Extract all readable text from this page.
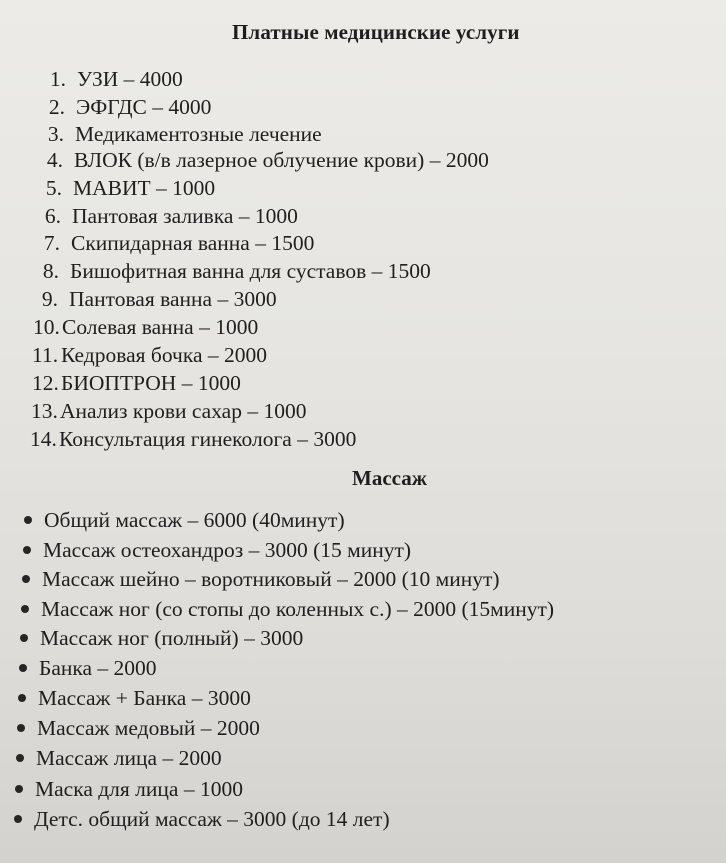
Платные медицинские услуги
1. УЗИ – 4000
2. ЭФГДС – 4000
3. Медикаментозные лечение
4. ВЛОК (в/в лазерное облучение крови) – 2000
5. МАВИТ – 1000
6. Пантовая заливка – 1000
7. Скипидарная ванна – 1500
8. Бишофитная ванна для суставов – 1500
9. Пантовая ванна – 3000
10.Солевая ванна – 1000
11. Кедровая бочка – 2000
12.БИОПТРОН – 1000
13.Анализ крови сахар – 1000
14.Консультация гинеколога – 3000
Массаж
Общий массаж – 6000 (40минут)
Массаж остеохандроз – 3000 (15 минут)
Массаж шейно – воротниковый – 2000 (10 минут)
Массаж ног (со стопы до коленных с.) – 2000 (15минут)
Массаж ног (полный) – 3000
Банка – 2000
Массаж + Банка – 3000
Массаж медовый – 2000
Массаж лица – 2000
Маска для лица – 1000
Детс. общий массаж – 3000 (до 14 лет)
